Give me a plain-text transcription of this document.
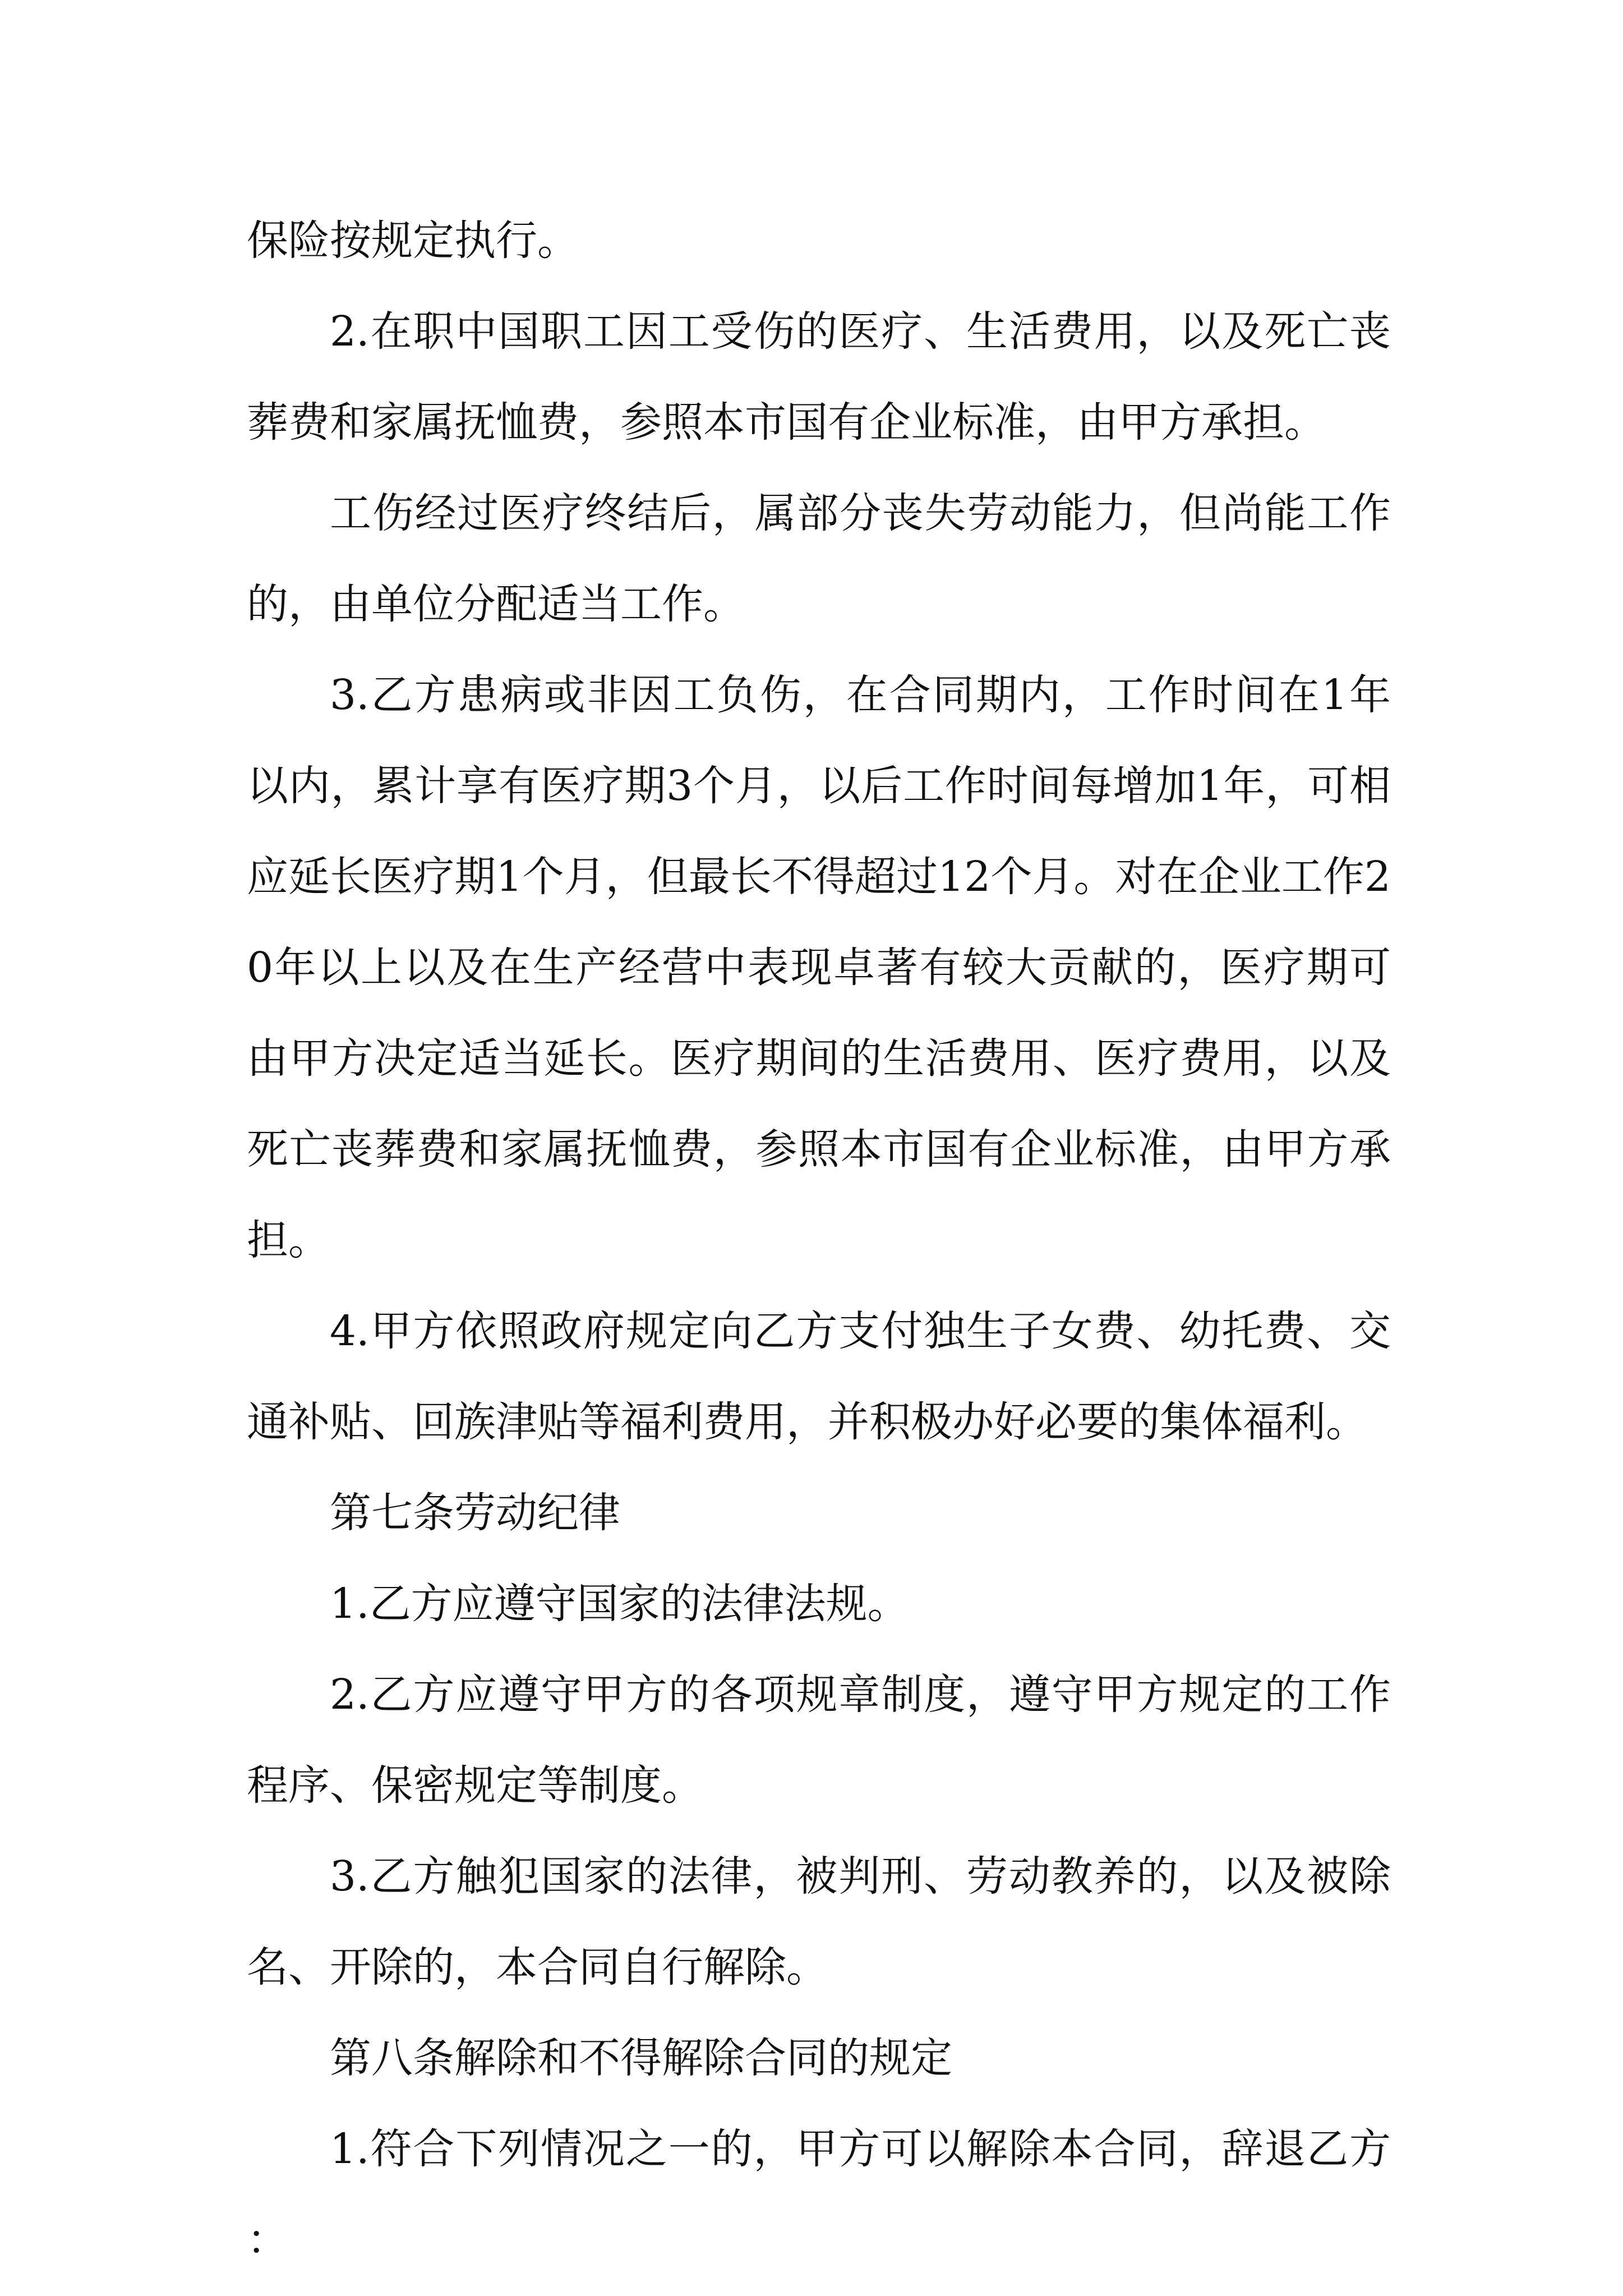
保险按规定执行。

2.在职中国职工因工受伤的医疗、生活费用，以及死亡丧葬费和家属抚恤费，参照本市国有企业标准，由甲方承担。

工伤经过医疗终结后，属部分丧失劳动能力，但尚能工作的，由单位分配适当工作。

3.乙方患病或非因工负伤，在合同期内，工作时间在1年以内，累计享有医疗期3个月，以后工作时间每增加1年，可相应延长医疗期1个月，但最长不得超过12个月。对在企业工作20年以上以及在生产经营中表现卓著有较大贡献的，医疗期可由甲方决定适当延长。医疗期间的生活费用、医疗费用，以及死亡丧葬费和家属抚恤费，参照本市国有企业标准，由甲方承担。

4.甲方依照政府规定向乙方支付独生子女费、幼托费、交通补贴、回族津贴等福利费用，并积极办好必要的集体福利。

第七条劳动纪律

1.乙方应遵守国家的法律法规。

2.乙方应遵守甲方的各项规章制度，遵守甲方规定的工作程序、保密规定等制度。

3.乙方触犯国家的法律，被判刑、劳动教养的，以及被除名、开除的，本合同自行解除。

第八条解除和不得解除合同的规定

1.符合下列情况之一的，甲方可以解除本合同，辞退乙方：
